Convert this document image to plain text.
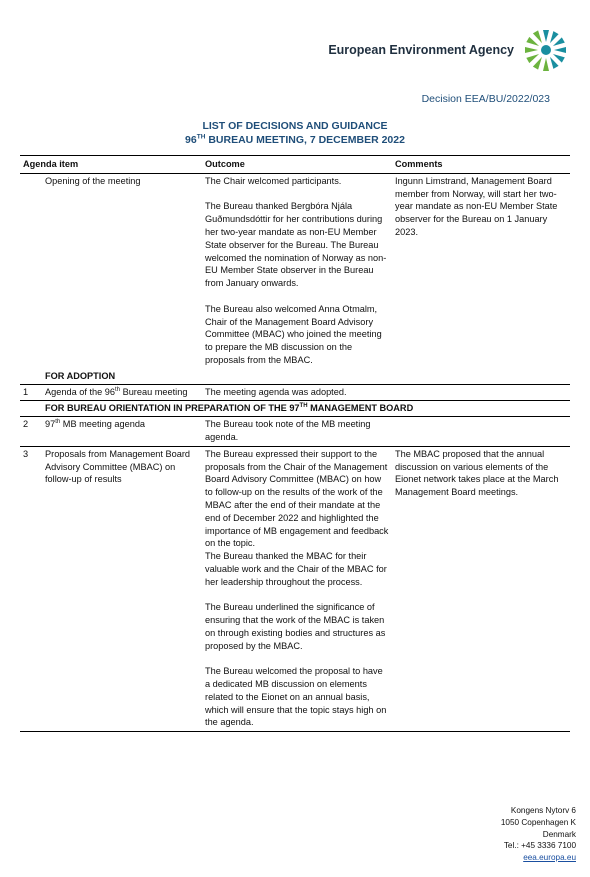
European Environment Agency
Decision EEA/BU/2022/023
LIST OF DECISIONS AND GUIDANCE
96TH BUREAU MEETING, 7 DECEMBER 2022
Agenda item		Outcome	Comments
	Opening of the meeting	The Chair welcomed participants.

The Bureau thanked Bergbóra Njála Guðmundsdóttir for her contributions during her two-year mandate as non-EU Member State observer for the Bureau. The Bureau welcomed the nomination of Norway as non-EU Member State observer in the Bureau from January onwards.

The Bureau also welcomed Anna Otmalm, Chair of the Management Board Advisory Committee (MBAC) who joined the meeting to prepare the MB discussion on the proposals from the MBAC.	Ingunn Limstrand, Management Board member from Norway, will start her two-year mandate as non-EU Member State observer for the Bureau on 1 January 2023.
	FOR ADOPTION		
1	Agenda of the 96th Bureau meeting	The meeting agenda was adopted.	
	FOR BUREAU ORIENTATION IN PREPARATION OF THE 97TH MANAGEMENT BOARD		
2	97th MB meeting agenda	The Bureau took note of the MB meeting agenda.	
3	Proposals from Management Board Advisory Committee (MBAC) on follow-up of results	The Bureau expressed their support to the proposals from the Chair of the Management Board Advisory Committee (MBAC) on how to follow-up on the results of the work of the MBAC after the end of their mandate at the end of December 2022 and highlighted the importance of MB engagement and feedback on the topic.

The Bureau thanked the MBAC for their valuable work and the Chair of the MBAC for her leadership throughout the process.

The Bureau underlined the significance of ensuring that the work of the MBAC is taken on through existing bodies and structures as proposed by the MBAC.

The Bureau welcomed the proposal to have a dedicated MB discussion on elements related to the Eionet on an annual basis, which will ensure that the topic stays high on the agenda.	The MBAC proposed that the annual discussion on various elements of the Eionet network takes place at the March Management Board meetings.
Kongens Nytorv 6
1050 Copenhagen K
Denmark
Tel.: +45 3336 7100
eea.europa.eu
